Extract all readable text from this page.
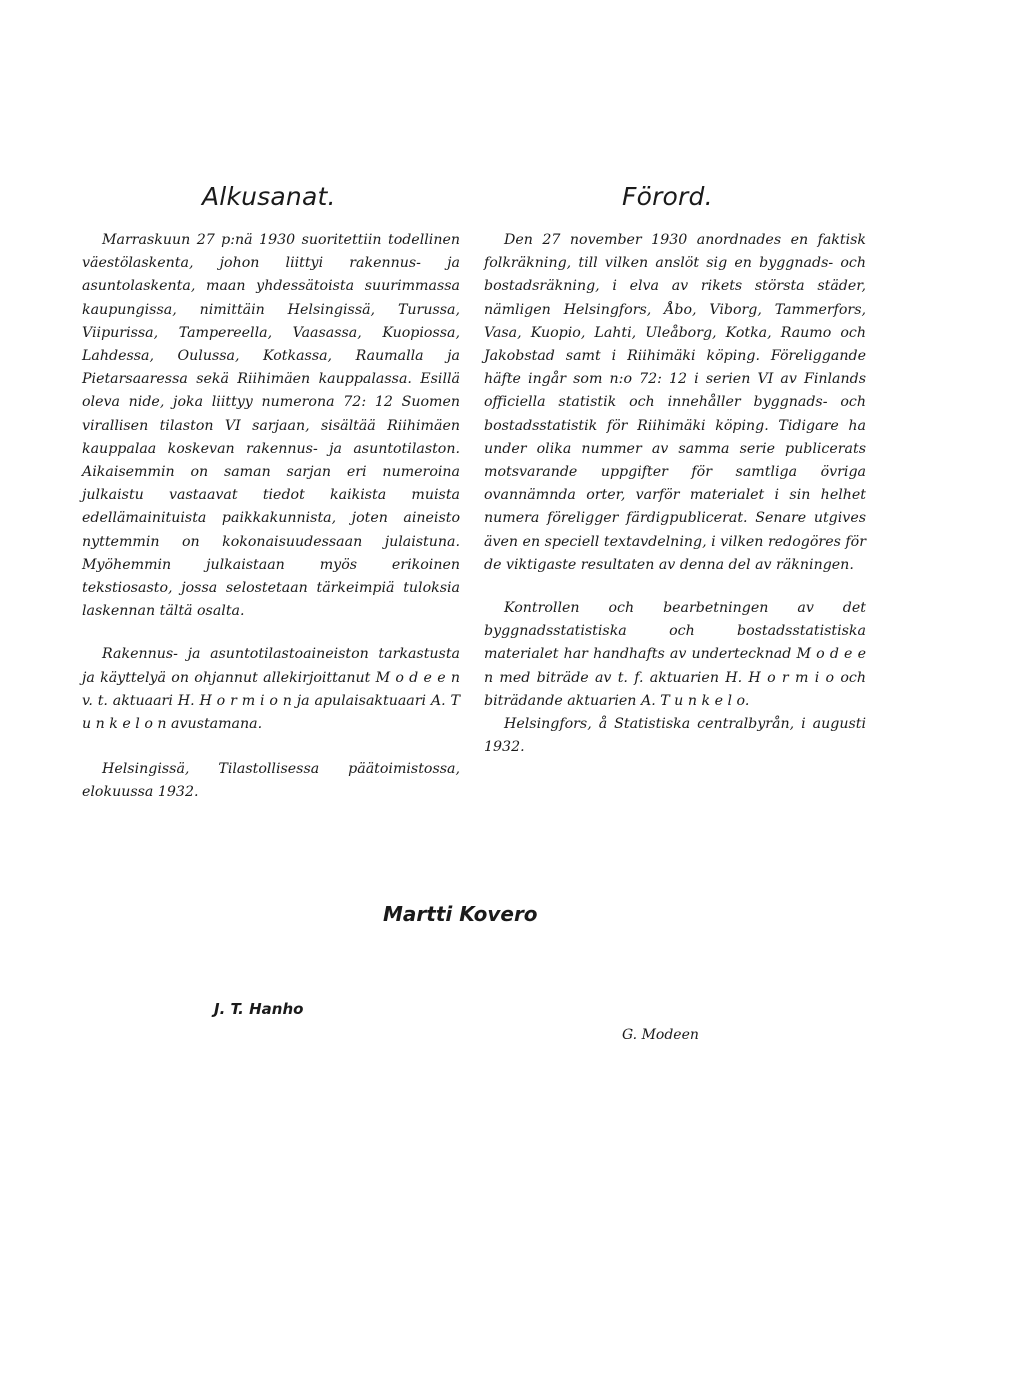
Alkusanat.

Marraskuun 27 p:nä 1930 suoritettiin todellinen väestölaskenta, johon liittyi rakennus- ja asuntolaskenta, maan yhdessätoista suurimmassa kaupungissa, nimittäin Helsingissä, Turussa, Viipurissa, Tampereella, Vaasassa, Kuopiossa, Lahdessa, Oulussa, Kotkassa, Raumalla ja Pietarsaaressa sekä Riihimäen kauppalassa. Esillä oleva nide, joka liittyy numerona 72: 12 Suomen virallisen tilaston VI sarjaan, sisältää Riihimäen kauppalaa koskevan rakennus- ja asuntotilaston. Aikaisemmin on saman sarjan eri numeroina julkaistu vastaavat tiedot kaikista muista edellämainituista paikkakunnista, joten aineisto nyttemmin on kokonaisuudessaan julaistuna. Myöhemmin julkaistaan myös erikoinen tekstiosasto, jossa selostetaan tärkeimpiä tuloksia laskennan tältä osalta.

Rakennus- ja asuntotilastoaineiston tarkastusta ja käyttelyä on ohjannut allekirjoittanut M o d e e n v. t. aktuaari H. H o r m i o n ja apulaisaktuaari A. T u n k e l o n avustamana.

Helsingissä, Tilastollisessa päätoimistossa, elokuussa 1932.

Förord.

Den 27 november 1930 anordnades en faktisk folkräkning, till vilken anslöt sig en byggnads- och bostadsräkning, i elva av rikets största städer, nämligen Helsingfors, Åbo, Viborg, Tammerfors, Vasa, Kuopio, Lahti, Uleåborg, Kotka, Raumo och Jakobstad samt i Riihimäki köping. Föreliggande häfte ingår som n:o 72: 12 i serien VI av Finlands officiella statistik och innehåller byggnads- och bostadsstatistik för Riihimäki köping. Tidigare ha under olika nummer av samma serie publicerats motsvarande uppgifter för samtliga övriga ovannämnda orter, varför materialet i sin helhet numera föreligger färdigpublicerat. Senare utgives även en speciell textavdelning, i vilken redogöres för de viktigaste resultaten av denna del av räkningen.

Kontrollen och bearbetningen av det byggnadsstatistiska och bostadsstatistiska materialet har handhafts av undertecknad M o d e e n med biträde av t. f. aktuarien H. H o r m i o och biträdande aktuarien A. T u n k e l o.

Helsingfors, å Statistiska centralbyrån, i augusti 1932.

Martti Kovero
J. T. Hanho
G. Modeen
